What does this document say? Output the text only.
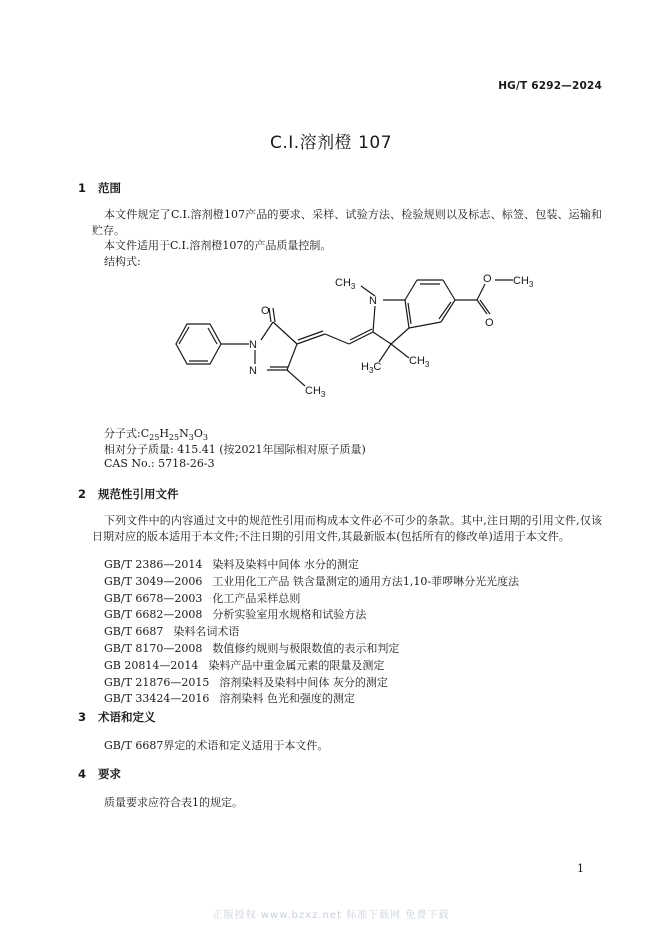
HG/T 6292—2024
C.I.溶剂橙 107
1 范围
本文件规定了C.I.溶剂橙107产品的要求、采样、试验方法、检验规则以及标志、标签、包装、运输和贮存。
本文件适用于C.I.溶剂橙107的产品质量控制。
结构式:
O
N
N
$CH_3$
N
$CH_3$
$CH_3$
$H_3C$
O $CH_3$
O
分子式$:C_{25}H_{25}N_3O_3$
相对分子质量: 415.41 (按2021年国际相对原子质量)
CAS No.: 5718-26-3
2 规范性引用文件
下列文件中的内容通过文中的规范性引用而构成本文件必不可少的条款。其中,注日期的引用文件,仅该日期对应的版本适用于本文件;不注日期的引用文件,其最新版本(包括所有的修改单)适用于本文件。
GB/T 2386—2014 染料及染料中间体 水分的测定
GB/T 3049—2006 工业用化工产品 铁含量测定的通用方法1,10-菲啰啉分光光度法
GB/T 6678—2003 化工产品采样总则
GB/T 6682—2008 分析实验室用水规格和试验方法
GB/T 6687 染料名词术语
GB/T 8170—2008 数值修约规则与极限数值的表示和判定
GB 20814—2014 染料产品中重金属元素的限量及测定
GB/T 21876—2015 溶剂染料及染料中间体 灰分的测定
GB/T 33424—2016 溶剂染料 色光和强度的测定
3 术语和定义
GB/T 6687界定的术语和定义适用于本文件。
4 要求
质量要求应符合表1的规定。
1
正版授权 www.bzxz.net 标准下载网 免费下载
